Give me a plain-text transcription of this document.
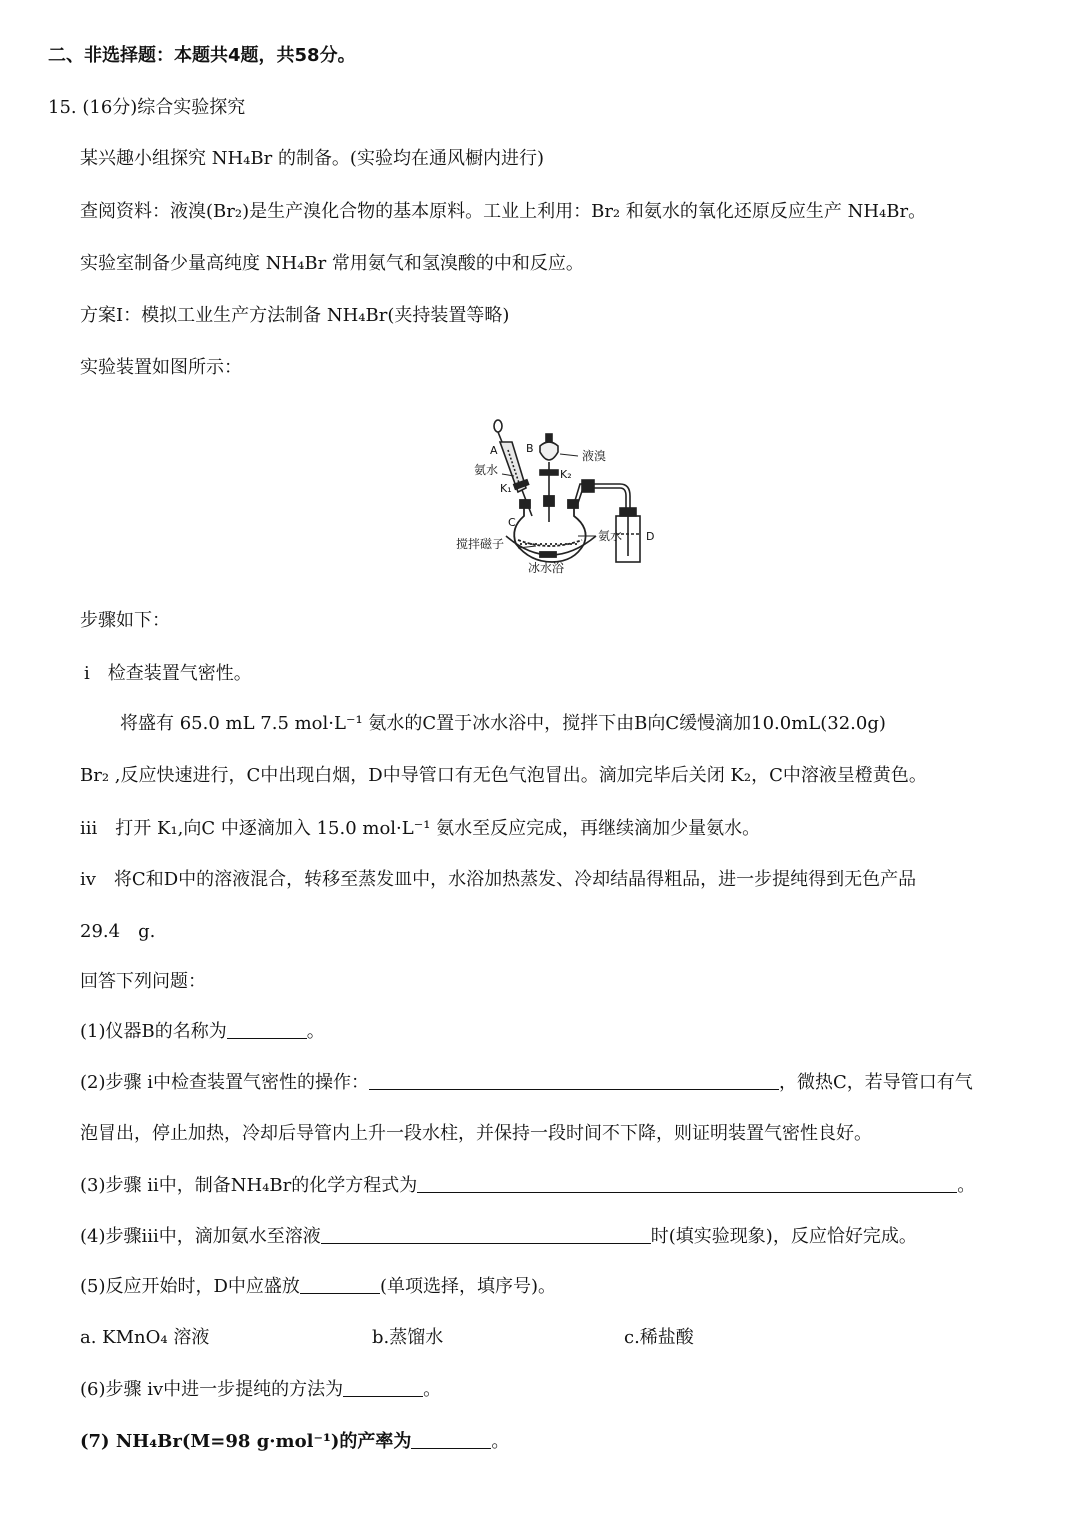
二、非选择题：本题共4题，共58分。
15. (16分)综合实验探究
某兴趣小组探究 NH₄Br 的制备。(实验均在通风橱内进行)
查阅资料：液溴(Br₂)是生产溴化合物的基本原料。工业上利用：Br₂ 和氨水的氧化还原反应生产 NH₄Br。
实验室制备少量高纯度 NH₄Br 常用氨气和氢溴酸的中和反应。
方案Ⅰ：模拟工业生产方法制备 NH₄Br(夹持装置等略)
实验装置如图所示：
A	B
液溴
氨水	K₂
K₁
C
氨水 D
搅拌磁子
冰水浴
步骤如下：
i　检查装置气密性。
将盛有 65.0 mL 7.5 mol·L⁻¹ 氨水的C置于冰水浴中，搅拌下由B向C缓慢滴加10.0mL(32.0g)
Br₂ ,反应快速进行，C中出现白烟，D中导管口有无色气泡冒出。滴加完毕后关闭 K₂，C中溶液呈橙黄色。
iii　打开 K₁,向C 中逐滴加入 15.0 mol·L⁻¹ 氨水至反应完成，再继续滴加少量氨水。
iv　将C和D中的溶液混合，转移至蒸发皿中，水浴加热蒸发、冷却结晶得粗品，进一步提纯得到无色产品
29.4　g.
回答下列问题：
(1)仪器B的名称为	。
(2)步骤 i中检查装置气密性的操作：	，微热C，若导管口有气
泡冒出，停止加热，冷却后导管内上升一段水柱，并保持一段时间不下降，则证明装置气密性良好。
(3)步骤 ii中，制备NH₄Br的化学方程式为	。
(4)步骤iii中，滴加氨水至溶液	时(填实验现象)，反应恰好完成。
(5)反应开始时，D中应盛放	(单项选择，填序号)。
a. KMnO₄ 溶液	b.蒸馏水	c.稀盐酸
(6)步骤 iv中进一步提纯的方法为	。
(7) NH₄Br(M=98 g·mol⁻¹)的产率为	。
